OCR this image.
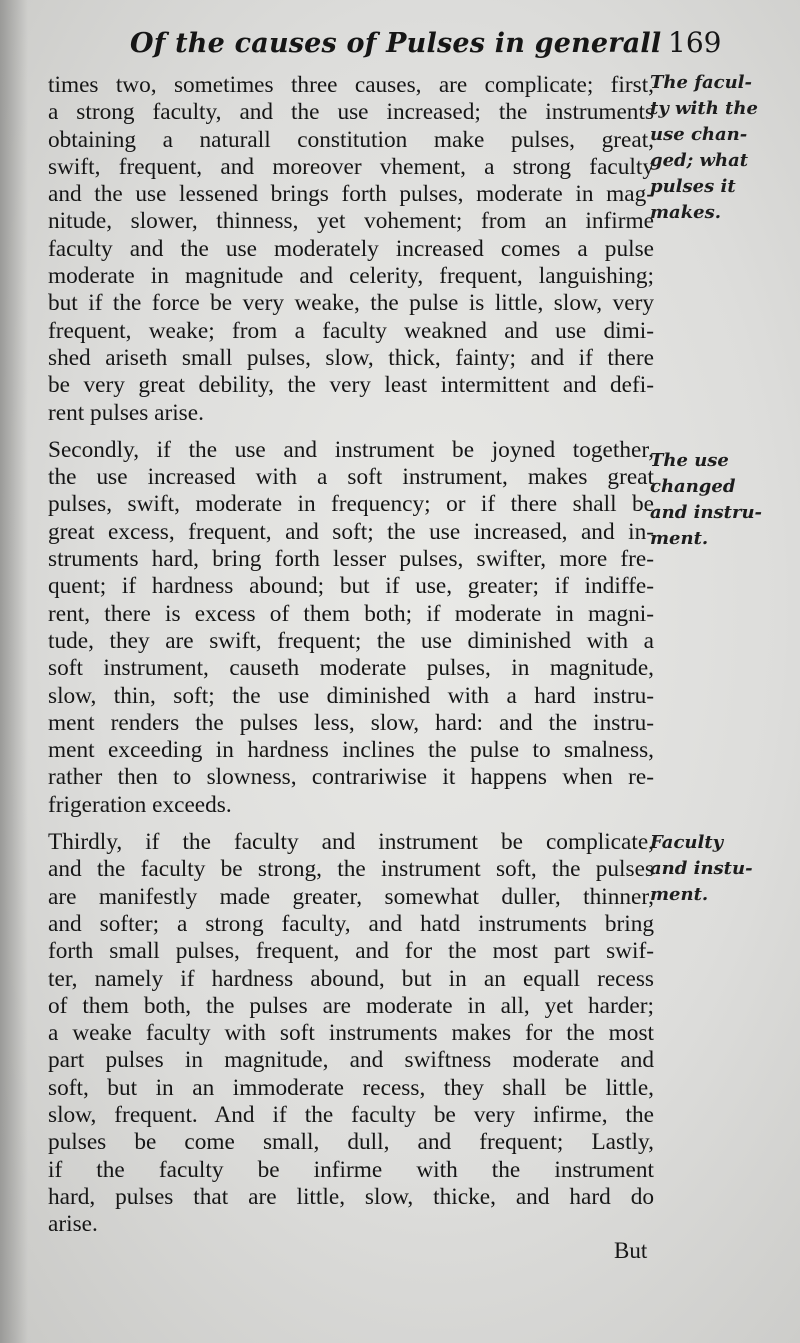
Of the causes of Pulses in generall 169
times two, sometimes three causes, are complicate; first,
a strong faculty, and the use increased; the instruments
obtaining a naturall constitution make pulses, great,
swift, frequent, and moreover vhement, a strong faculty
and the use lessened brings forth pulses, moderate in mag-
nitude, slower, thinness, yet vohement; from an infirme
faculty and the use moderately increased comes a pulse
moderate in magnitude and celerity, frequent, languishing;
but if the force be very weake, the pulse is little, slow, very
frequent, weake; from a faculty weakned and use dimi-
shed ariseth small pulses, slow, thick, fainty; and if there
be very great debility, the very least intermittent and defi-
rent pulses arise.
Secondly, if the use and instrument be joyned together,
the use increased with a soft instrument, makes great
pulses, swift, moderate in frequency; or if there shall be
great excess, frequent, and soft; the use increased, and in-
struments hard, bring forth lesser pulses, swifter, more fre-
quent; if hardness abound; but if use, greater; if indiffe-
rent, there is excess of them both; if moderate in magni-
tude, they are swift, frequent; the use diminished with a
soft instrument, causeth moderate pulses, in magnitude,
slow, thin, soft; the use diminished with a hard instru-
ment renders the pulses less, slow, hard: and the instru-
ment exceeding in hardness inclines the pulse to smalness,
rather then to slowness, contrariwise it happens when re-
frigeration exceeds.
Thirdly, if the faculty and instrument be complicate,
and the faculty be strong, the instrument soft, the pulses
are manifestly made greater, somewhat duller, thinner,
and softer; a strong faculty, and hatd instruments bring
forth small pulses, frequent, and for the most part swif-
ter, namely if hardness abound, but in an equall recess
of them both, the pulses are moderate in all, yet harder;
a weake faculty with soft instruments makes for the most
part pulses in magnitude, and swiftness moderate and
soft, but in an immoderate recess, they shall be little,
slow, frequent. And if the faculty be very infirme, the
pulses be come small, dull, and frequent; Lastly,
if the faculty be infirme with the instrument
hard, pulses that are little, slow, thicke, and hard do
arise.
The facul-
ty with the
use chan-
ged; what
pulses it
makes.
The use
changed
and instru-
ment.
Faculty
and instu-
ment.
But
